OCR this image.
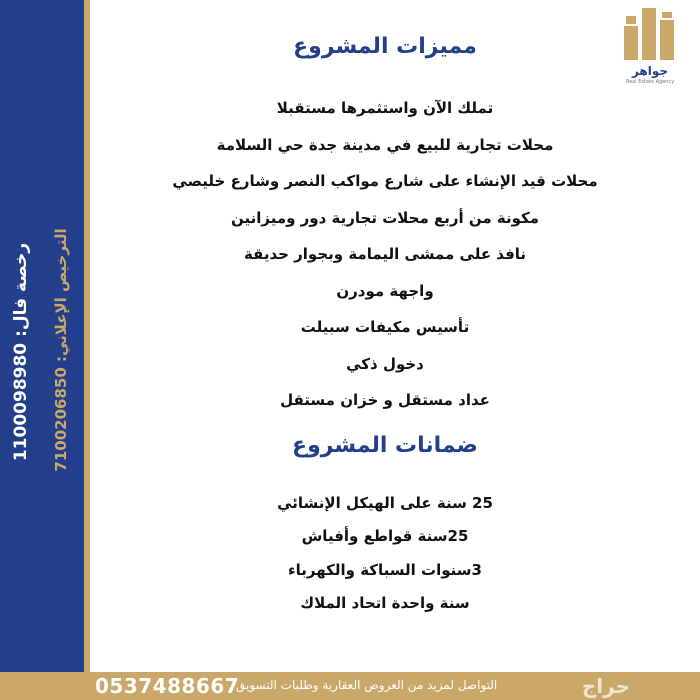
رخصة فال: 1100098980
الترخيص الإعلاني: 7100206850
جواهر
Real Estate Agency
مميزات المشروع
تملك الآن واستثمرها مستقبلا
محلات تجارية للبيع في مدينة جدة حي السلامة
محلات قيد الإنشاء على شارع مواكب النصر وشارع خليصي
مكونة من أربع محلات تجارية دور وميزانين
نافذ على ممشى اليمامة وبجوار حديقة
واجهة مودرن
تأسيس مكيفات سبيلت
دخول ذكي
عداد مستقل و خزان مستقل
ضمانات المشروع
25 سنة على الهيكل الإنشائي
25سنة قواطع وأفياش
3سنوات السباكة والكهرباء
سنة واحدة اتحاد الملاك
0537488667
التواصل لمزيد من العروض العقارية وطلبات التسويق	حراج
